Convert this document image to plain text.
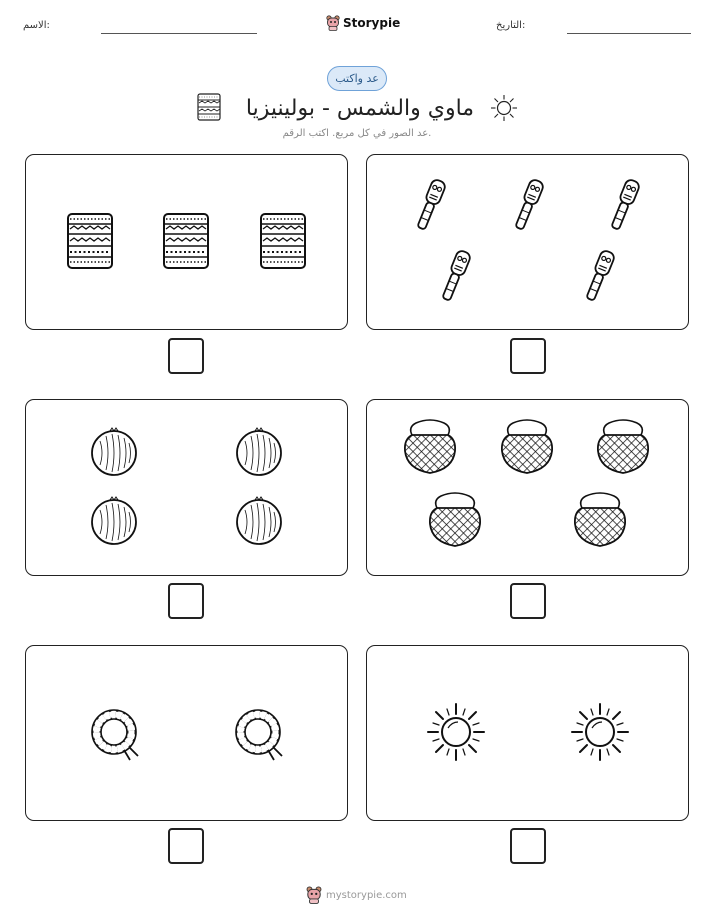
الاسم:	التاريخ:
Storypie
عد واكتب
ماوي والشمس - بولينيزيا
عد الصور في كل مربع. اكتب الرقم.
mystorypie.com
